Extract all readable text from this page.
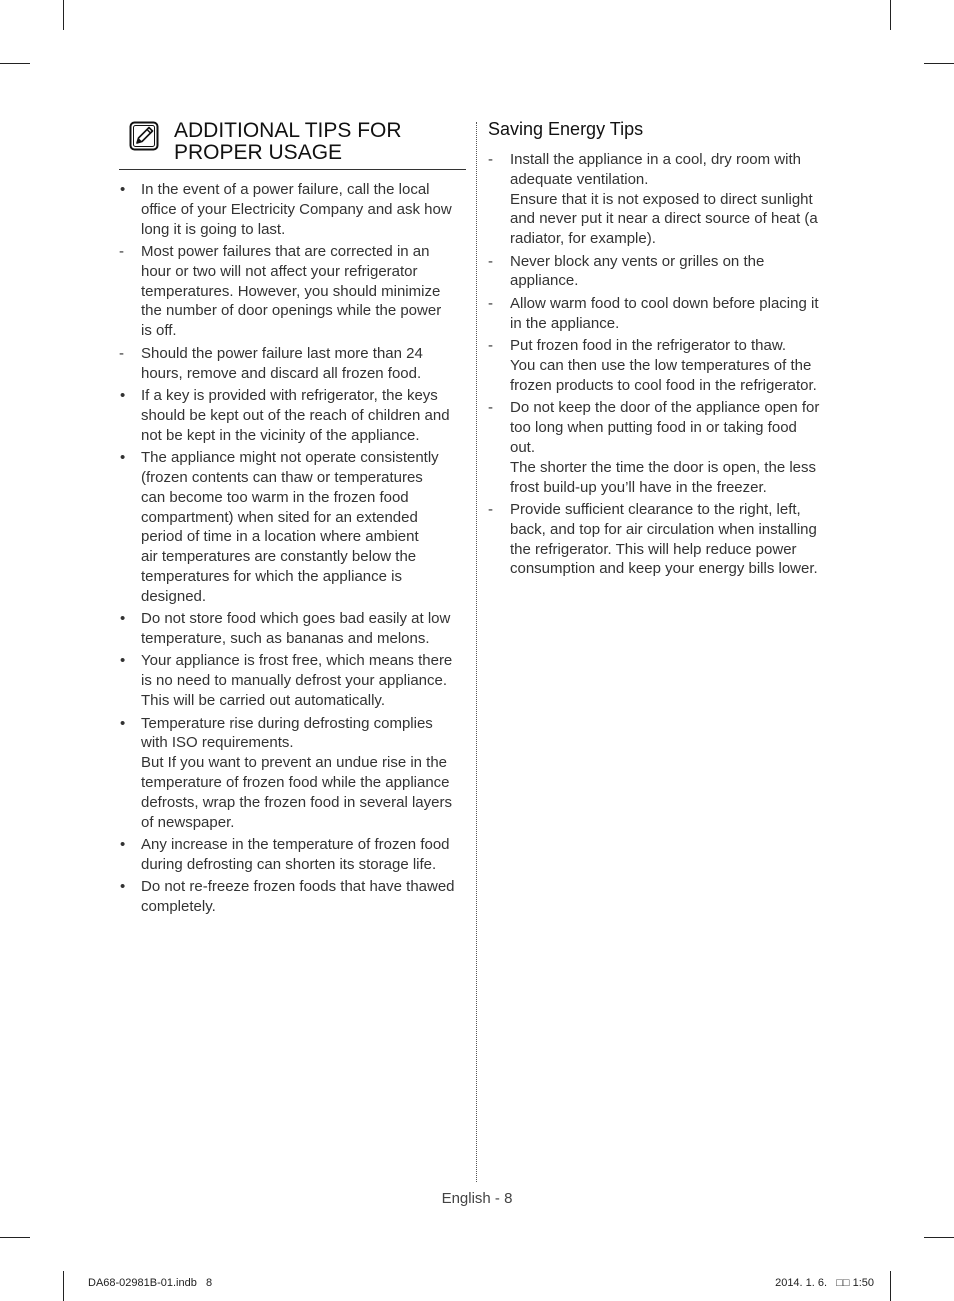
ADDITIONAL TIPS FOR
PROPER USAGE
•	In the event of a power failure, call the local
office of your Electricity Company and ask how
long it is going to last.
-	Most power failures that are corrected in an
hour or two will not affect your refrigerator
temperatures. However, you should minimize
the number of door openings while the power
is off.
-	Should the power failure last more than 24
hours, remove and discard all frozen food.
•	If a key is provided with refrigerator, the keys
should be kept out of the reach of children and
not be kept in the vicinity of the appliance.
•	The appliance might not operate consistently
(frozen contents can thaw or temperatures
can become too warm in the frozen food
compartment) when sited for an extended
period of time in a location where ambient
air temperatures are constantly below the
temperatures for which the appliance is
designed.
•	Do not store food which goes bad easily at low
temperature, such as bananas and melons.
•	Your appliance is frost free, which means there
is no need to manually defrost your appliance.
This will be carried out automatically.
•	Temperature rise during defrosting complies
with ISO requirements.
But If you want to prevent an undue rise in the
temperature of frozen food while the appliance
defrosts, wrap the frozen food in several layers
of newspaper.
•	Any increase in the temperature of frozen food
during defrosting can shorten its storage life.
•	Do not re-freeze frozen foods that have thawed
completely.
Saving Energy Tips
-	Install the appliance in a cool, dry room with
adequate ventilation.
Ensure that it is not exposed to direct sunlight
and never put it near a direct source of heat (a
radiator, for example).
-	Never block any vents or grilles on the
appliance.
-	Allow warm food to cool down before placing it
in the appliance.
-	Put frozen food in the refrigerator to thaw.
You can then use the low temperatures of the
frozen products to cool food in the refrigerator.
-	Do not keep the door of the appliance open for
too long when putting food in or taking food
out.
The shorter the time the door is open, the less
frost build-up you’ll have in the freezer.
-	Provide sufficient clearance to the right, left,
back, and top for air circulation when installing
the refrigerator. This will help reduce power
consumption and keep your energy bills lower.
English - 8
DA68-02981B-01.indb   8	2014. 1. 6.   □□ 1:50
